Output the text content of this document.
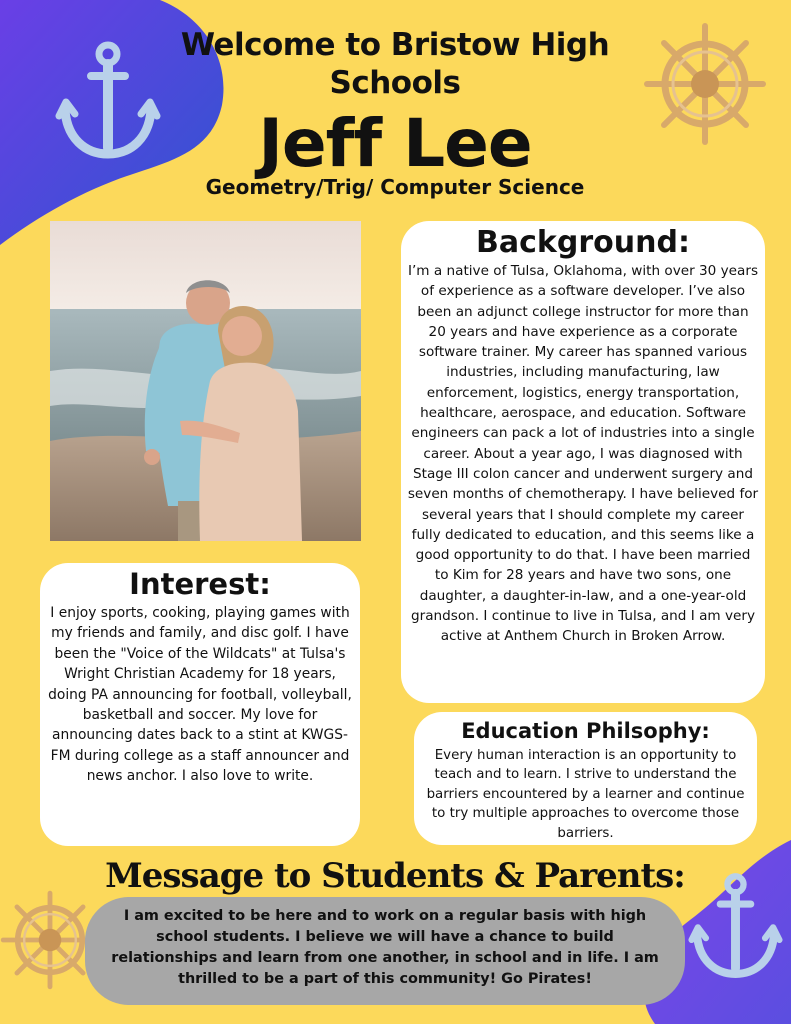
Welcome to Bristow High Schools
Jeff Lee
Geometry/Trig/ Computer Science
Background:

I’m a native of Tulsa, Oklahoma, with over 30 years of experience as a software developer. I’ve also been an adjunct college instructor for more than 20 years and have experience as a corporate software trainer. My career has spanned various industries, including manufacturing, law enforcement, logistics, energy transportation, healthcare, aerospace, and education. Software engineers can pack a lot of industries into a single career. About a year ago, I was diagnosed with Stage III colon cancer and underwent surgery and seven months of chemotherapy. I have believed for several years that I should complete my career fully dedicated to education, and this seems like a good opportunity to do that. I have been married to Kim for 28 years and have two sons, one daughter, a daughter-in-law, and a one-year-old grandson. I continue to live in Tulsa, and I am very active at Anthem Church in Broken Arrow.

Interest:

I enjoy sports, cooking, playing games with my friends and family, and disc golf. I have been the "Voice of the Wildcats" at Tulsa's Wright Christian Academy for 18 years, doing PA announcing for football, volleyball, basketball and soccer. My love for announcing dates back to a stint at KWGS-FM during college as a staff announcer and news anchor. I also love to write.

Education Philsophy:

Every human interaction is an opportunity to teach and to learn. I strive to understand the barriers encountered by a learner and continue to try multiple approaches to overcome those barriers.

Message to Students & Parents:
I am excited to be here and to work on a regular basis with high school students. I believe we will have a chance to build relationships and learn from one another, in school and in life. I am thrilled to be a part of this community! Go Pirates!
